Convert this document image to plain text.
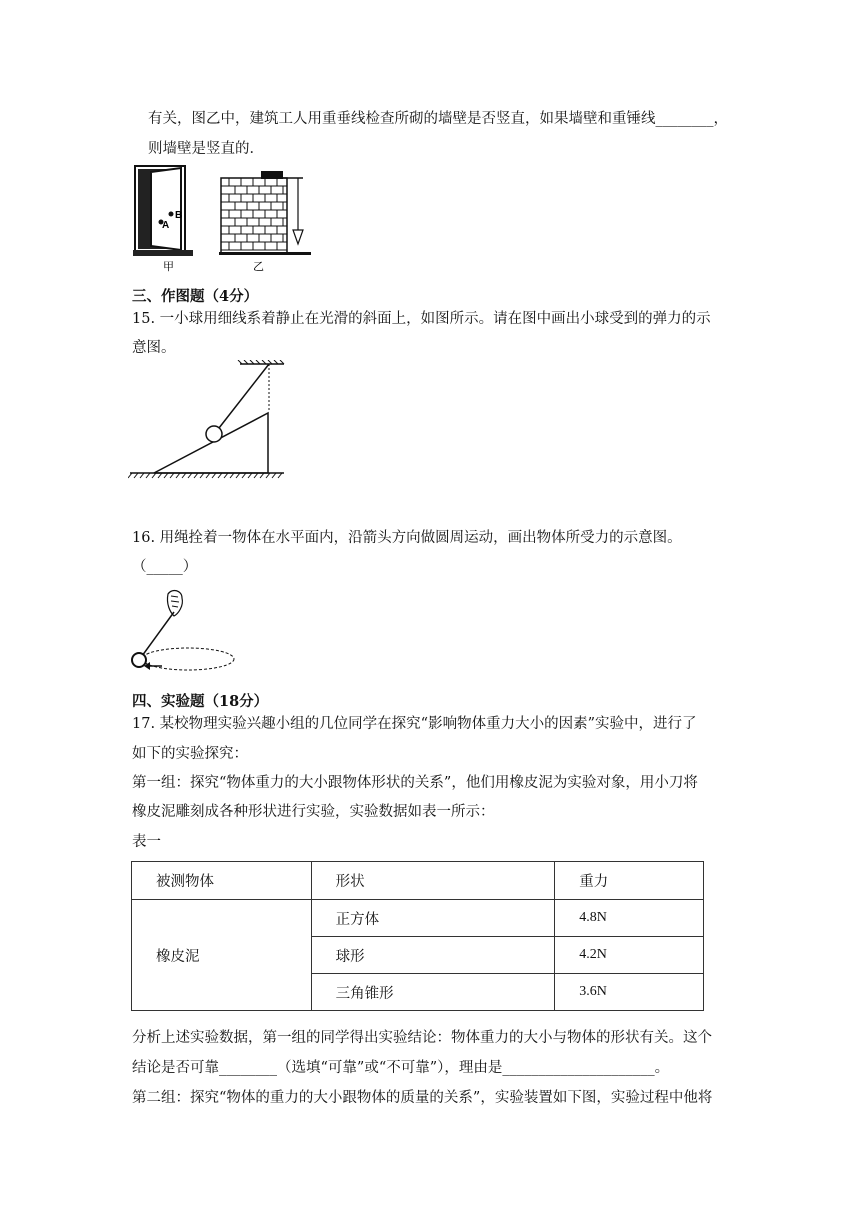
有关，图乙中，建筑工人用重垂线检查所砌的墙壁是否竖直，如果墙壁和重锤线________，
则墙壁是竖直的．
A
B
甲	乙
三、作图题（4分）
15. 一小球用细线系着静止在光滑的斜面上，如图所示。请在图中画出小球受到的弹力的示
意图。
16. 用绳拴着一物体在水平面内，沿箭头方向做圆周运动，画出物体所受力的示意图。
（_____）
四、实验题（18分）
17. 某校物理实验兴趣小组的几位同学在探究“影响物体重力大小的因素”实验中，进行了
如下的实验探究：
第一组：探究“物体重力的大小跟物体形状的关系”，他们用橡皮泥为实验对象，用小刀将
橡皮泥雕刻成各种形状进行实验，实验数据如表一所示：
表一
被测物体	形状	重力
橡皮泥	正方体	4.8N
	球形	4.2N
	三角锥形	3.6N
分析上述实验数据，第一组的同学得出实验结论：物体重力的大小与物体的形状有关。这个
结论是否可靠________（选填“可靠”或“不可靠”），理由是_____________________。
第二组：探究“物体的重力的大小跟物体的质量的关系”，实验装置如下图，实验过程中他将
